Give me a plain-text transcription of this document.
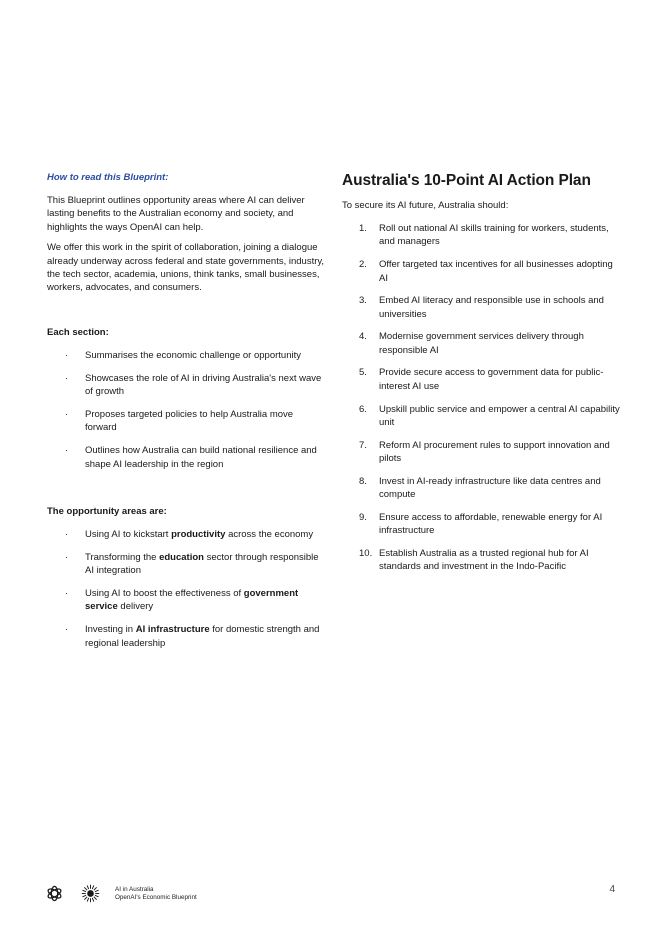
How to read this Blueprint:

This Blueprint outlines opportunity areas where AI can deliver lasting benefits to the Australian economy and society, and highlights the ways OpenAI can help.

We offer this work in the spirit of collaboration, joining a dialogue already underway across federal and state governments, industry, the tech sector, academia, unions, think tanks, small businesses, workers, advocates, and consumers.

Each section:

· Summarises the economic challenge or opportunity
· Showcases the role of AI in driving Australia's next wave of growth
· Proposes targeted policies to help Australia move forward
· Outlines how Australia can build national resilience and shape AI leadership in the region

The opportunity areas are:

· Using AI to kickstart productivity across the economy
· Transforming the education sector through responsible AI integration
· Using AI to boost the effectiveness of government service delivery
· Investing in AI infrastructure for domestic strength and regional leadership
Australia's 10-Point AI Action Plan

To secure its AI future, Australia should:

1. Roll out national AI skills training for workers, students, and managers
2. Offer targeted tax incentives for all businesses adopting AI
3. Embed AI literacy and responsible use in schools and universities
4. Modernise government services delivery through responsible AI
5. Provide secure access to government data for public-interest AI use
6. Upskill public service and empower a central AI capability unit
7. Reform AI procurement rules to support innovation and pilots
8. Invest in AI-ready infrastructure like data centres and compute
9. Ensure access to affordable, renewable energy for AI infrastructure
10. Establish Australia as a trusted regional hub for AI standards and investment in the Indo-Pacific
AI in Australia
OpenAI's Economic Blueprint
4
